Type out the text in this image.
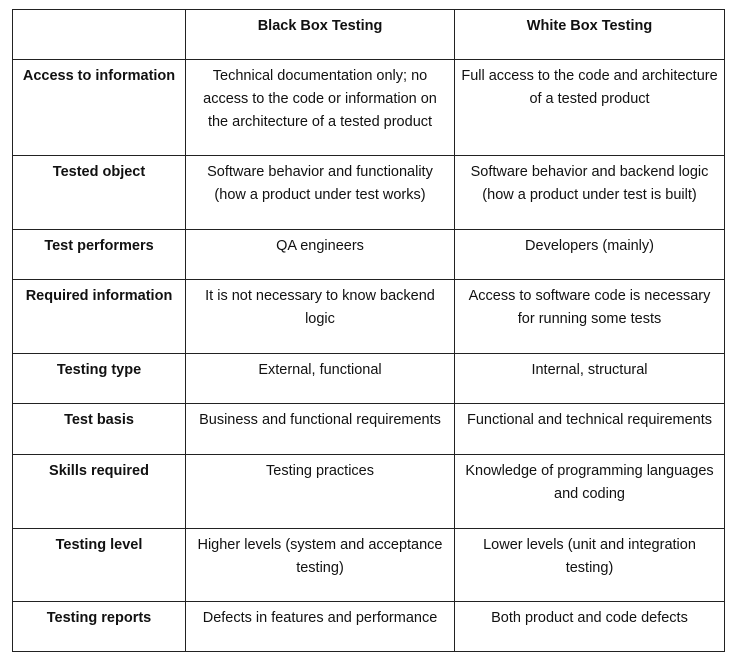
	Black Box Testing	White Box Testing
Access to information	Technical documentation only; no access to the code or information on the architecture of a tested product	Full access to the code and architecture of a tested product
Tested object	Software behavior and functionality (how a product under test works)	Software behavior and backend logic (how a product under test is built)
Test performers	QA engineers	Developers (mainly)
Required information	It is not necessary to know backend logic	Access to software code is necessary for running some tests
Testing type	External, functional	Internal, structural
Test basis	Business and functional requirements	Functional and technical requirements
Skills required	Testing practices	Knowledge of programming languages and coding
Testing level	Higher levels (system and acceptance testing)	Lower levels (unit and integration testing)
Testing reports	Defects in features and performance	Both product and code defects
